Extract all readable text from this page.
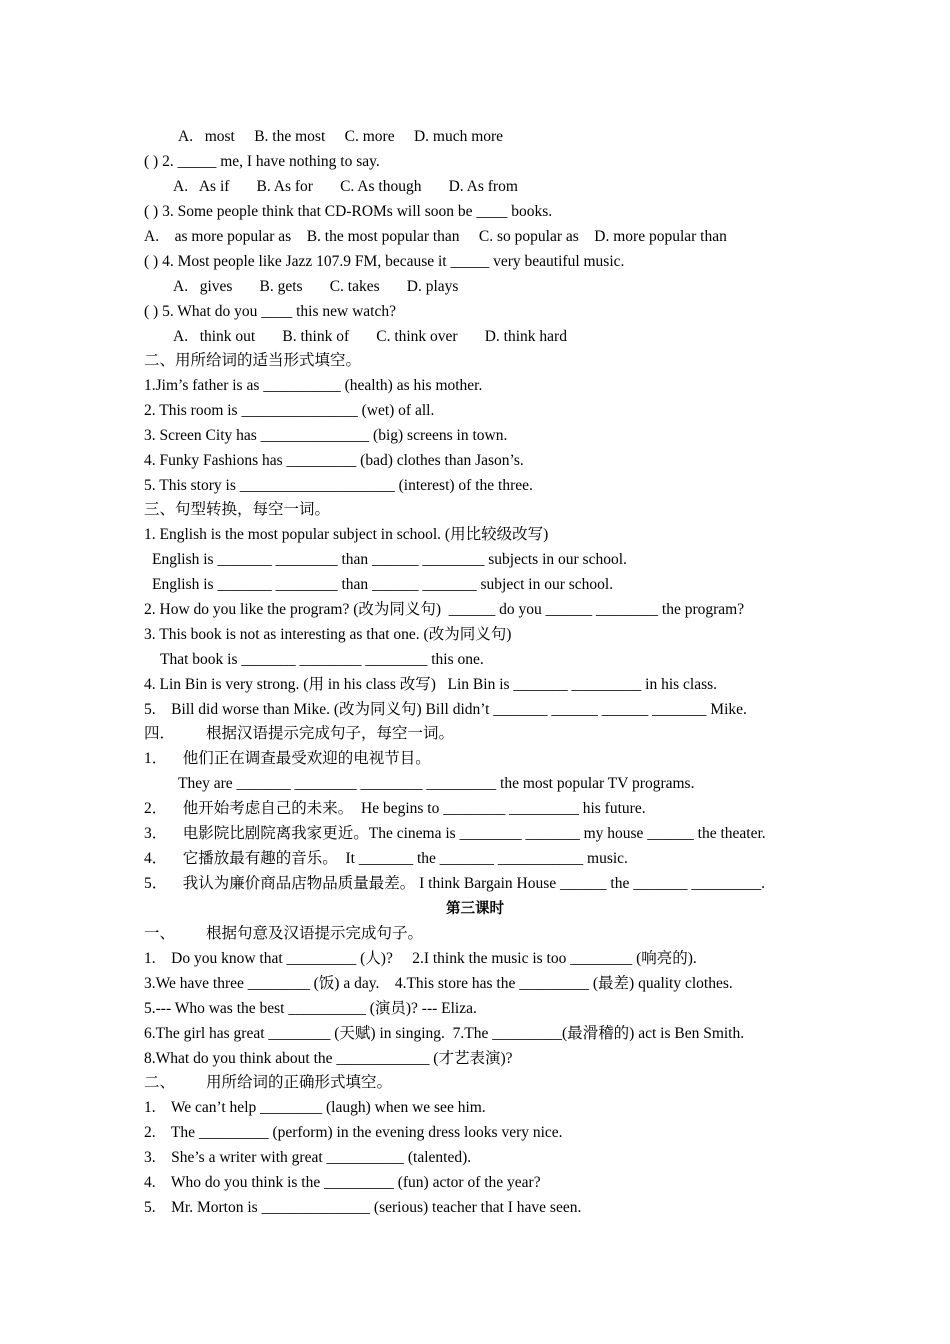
A.   most     B. the most     C. more     D. much more
( ) 2. _____ me, I have nothing to say.
A.   As if       B. As for       C. As though       D. As from
( ) 3. Some people think that CD-ROMs will soon be ____ books.
A.    as more popular as    B. the most popular than     C. so popular as    D. more popular than
( ) 4. Most people like Jazz 107.9 FM, because it _____ very beautiful music.
A.   gives       B. gets       C. takes       D. plays
( ) 5. What do you ____ this new watch?
A.   think out       B. think of       C. think over       D. think hard
二、用所给词的适当形式填空。
1.Jim’s father is as __________ (health) as his mother.
2. This room is _______________ (wet) of all.
3. Screen City has ______________ (big) screens in town.
4. Funky Fashions has _________ (bad) clothes than Jason’s.
5. This story is ____________________ (interest) of the three.
三、句型转换，每空一词。
1. English is the most popular subject in school. (用比较级改写)
English is _______ ________ than ______ ________ subjects in our school.
English is _______ ________ than ______ _______ subject in our school.
2. How do you like the program? (改为同义句)  ______ do you ______ ________ the program?
3. This book is not as interesting as that one. (改为同义句)
That book is _______ ________ ________ this one.
4. Lin Bin is very strong. (用 in his class 改写)   Lin Bin is _______ _________ in his class.
5.    Bill did worse than Mike. (改为同义句) Bill didn’t _______ ______ ______ _______ Mike.
四．        根据汉语提示完成句子，每空一词。
1．    他们正在调查最受欢迎的电视节目。
They are _______ ________ ________ _________ the most popular TV programs.
2．    他开始考虑自己的未来。  He begins to ________ _________ his future.
3．    电影院比剧院离我家更近。The cinema is ________ _______ my house ______ the theater.
4．    它播放最有趣的音乐。  It _______ the _______ ___________ music.
5．    我认为廉价商品店物品质量最差。 I think Bargain House ______ the _______ _________.
第三课时
一、        根据句意及汉语提示完成句子。
1.    Do you know that _________ (人)?     2.I think the music is too ________ (响亮的).
3.We have three ________ (饭) a day.    4.This store has the _________ (最差) quality clothes.
5.--- Who was the best __________ (演员)? --- Eliza.
6.The girl has great ________ (天赋) in singing.  7.The _________(最滑稽的) act is Ben Smith.
8.What do you think about the ____________ (才艺表演)?
二、        用所给词的正确形式填空。
1.    We can’t help ________ (laugh) when we see him.
2.    The _________ (perform) in the evening dress looks very nice.
3.    She’s a writer with great __________ (talented).
4.    Who do you think is the _________ (fun) actor of the year?
5.    Mr. Morton is ______________ (serious) teacher that I have seen.
